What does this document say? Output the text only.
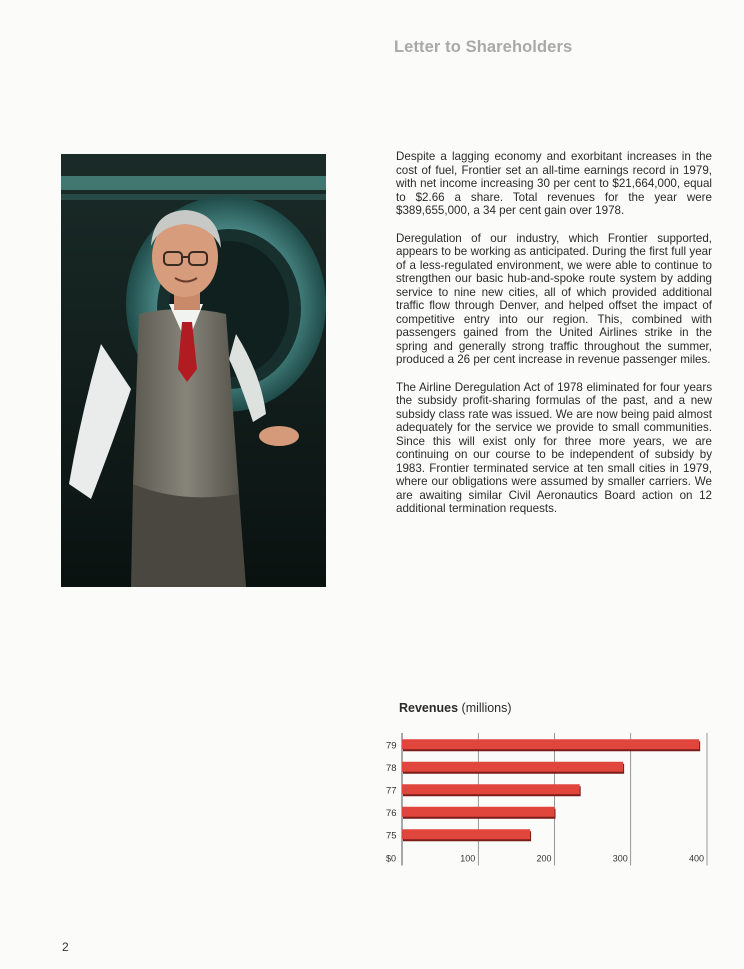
Letter to Shareholders

Despite a lagging economy and exorbitant increases in the cost of fuel, Frontier set an all-time earnings record in 1979, with net income increasing 30 per cent to $21,664,000, equal to $2.66 a share. Total revenues for the year were $389,655,000, a 34 per cent gain over 1978.

Deregulation of our industry, which Frontier supported, appears to be working as anticipated. During the first full year of a less-regulated environment, we were able to continue to strengthen our basic hub-and-spoke route system by adding service to nine new cities, all of which provided additional traffic flow through Denver, and helped offset the impact of competitive entry into our region. This, combined with passengers gained from the United Airlines strike in the spring and generally strong traffic throughout the summer, produced a 26 per cent increase in revenue passenger miles.

The Airline Deregulation Act of 1978 eliminated for four years the subsidy profit-sharing formulas of the past, and a new subsidy class rate was issued. We are now being paid almost adequately for the service we provide to small communities. Since this will exist only for three more years, we are continuing on our course to be independent of subsidy by 1983. Frontier terminated service at ten small cities in 1979, where our obligations were assumed by smaller carriers. We are awaiting similar Civil Aeronautics Board action on 12 additional termination requests.

Revenues (millions)
79
78
77
76
75
$0	100	200	300	400
2
